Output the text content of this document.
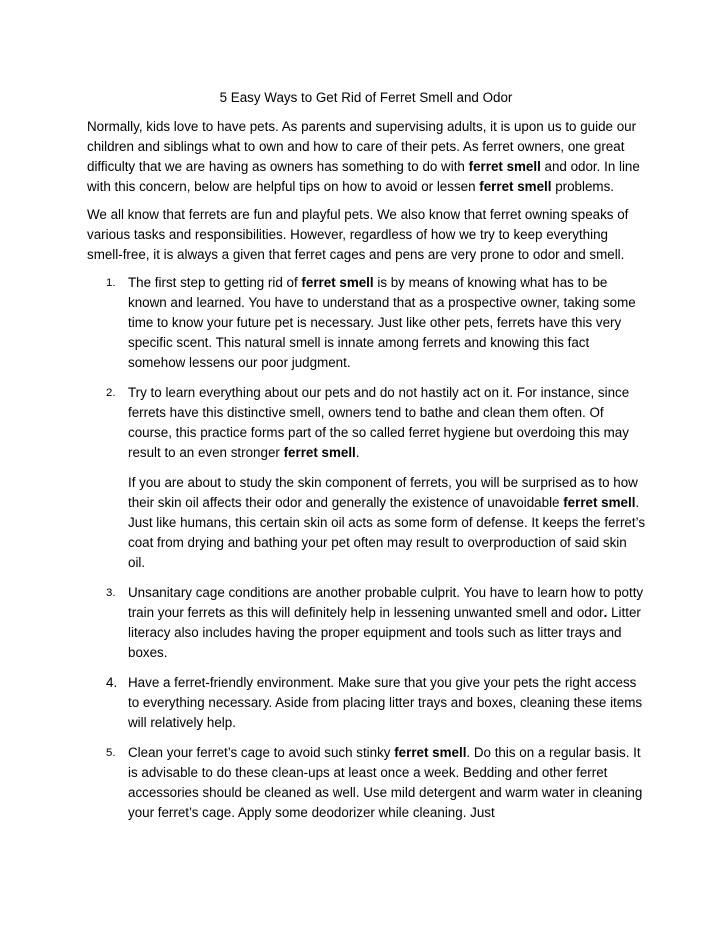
5 Easy Ways to Get Rid of Ferret Smell and Odor
Normally, kids love to have pets. As parents and supervising adults, it is upon us to guide our children and siblings what to own and how to care of their pets. As ferret owners, one great difficulty that we are having as owners has something to do with ferret smell and odor. In line with this concern, below are helpful tips on how to avoid or lessen ferret smell problems.
We all know that ferrets are fun and playful pets. We also know that ferret owning speaks of various tasks and responsibilities. However, regardless of how we try to keep everything smell-free, it is always a given that ferret cages and pens are very prone to odor and smell.
1. The first step to getting rid of ferret smell is by means of knowing what has to be known and learned. You have to understand that as a prospective owner, taking some time to know your future pet is necessary. Just like other pets, ferrets have this very specific scent. This natural smell is innate among ferrets and knowing this fact somehow lessens our poor judgment.
2. Try to learn everything about our pets and do not hastily act on it. For instance, since ferrets have this distinctive smell, owners tend to bathe and clean them often. Of course, this practice forms part of the so called ferret hygiene but overdoing this may result to an even stronger ferret smell.
If you are about to study the skin component of ferrets, you will be surprised as to how their skin oil affects their odor and generally the existence of unavoidable ferret smell. Just like humans, this certain skin oil acts as some form of defense. It keeps the ferret’s coat from drying and bathing your pet often may result to overproduction of said skin oil.
3. Unsanitary cage conditions are another probable culprit. You have to learn how to potty train your ferrets as this will definitely help in lessening unwanted smell and odor. Litter literacy also includes having the proper equipment and tools such as litter trays and boxes.
4. Have a ferret-friendly environment. Make sure that you give your pets the right access to everything necessary. Aside from placing litter trays and boxes, cleaning these items will relatively help.
5. Clean your ferret’s cage to avoid such stinky ferret smell. Do this on a regular basis. It is advisable to do these clean-ups at least once a week. Bedding and other ferret accessories should be cleaned as well. Use mild detergent and warm water in cleaning your ferret’s cage. Apply some deodorizer while cleaning. Just
